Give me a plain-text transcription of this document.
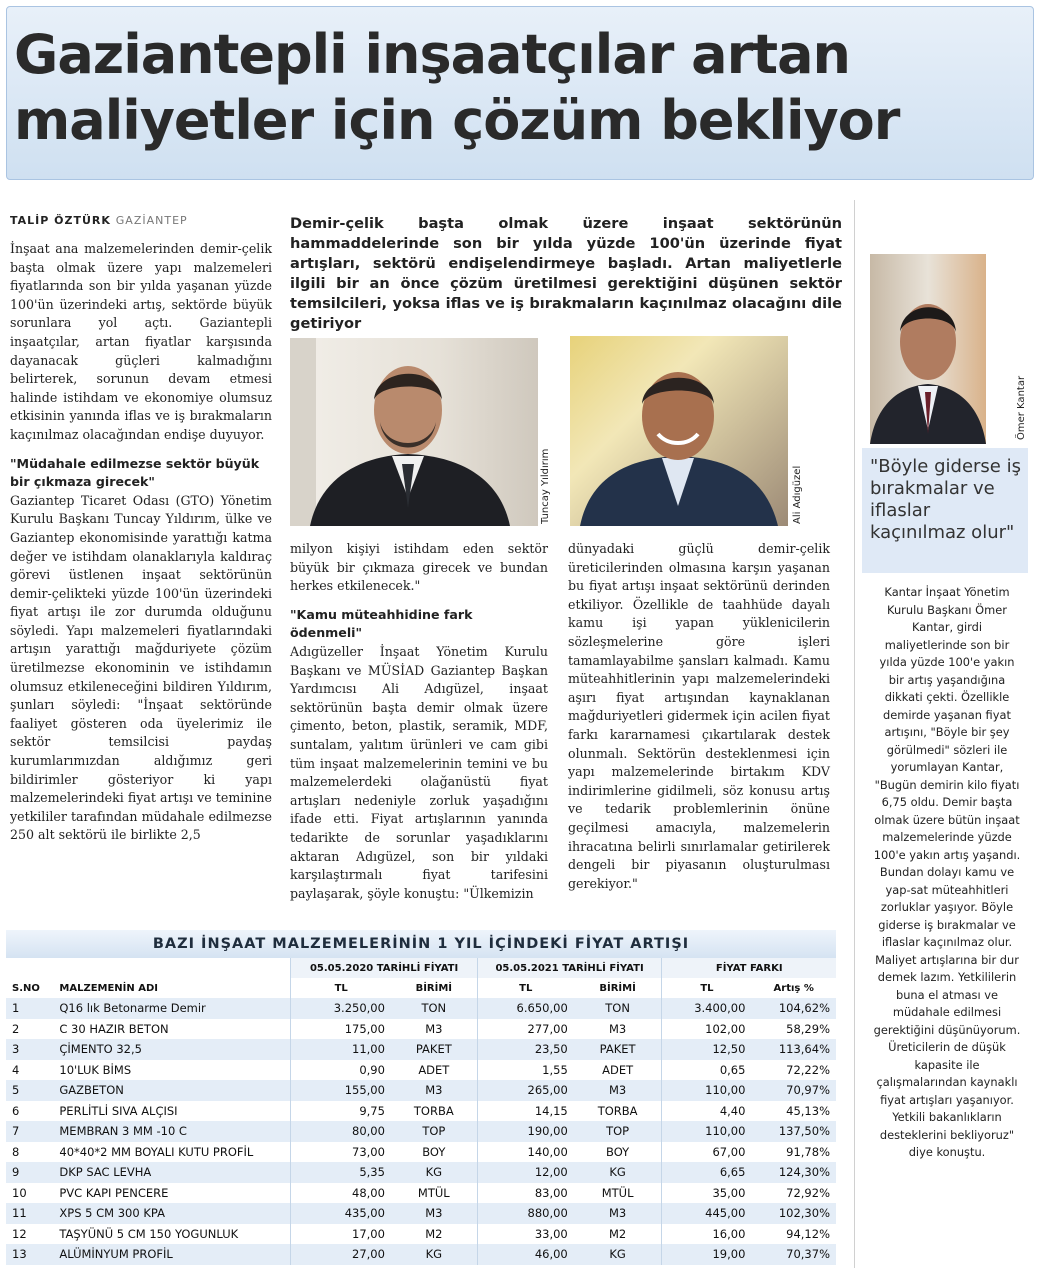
Gaziantepli inşaatçılar artan maliyetler için çözüm bekliyor
TALİP ÖZTÜRK GAZİANTEP	Demir-çelik başta olmak üzere inşaat sektörünün hammaddelerinde son bir yılda yüzde 100'ün üzerinde fiyat artışları, sektörü endişelendirmeye başladı. Artan maliyetlerle ilgili bir an önce çözüm üretilmesi gerektiğini düşünen sektör temsilcileri, yoksa iflas ve iş bırakmaların kaçınılmaz olacağını dile getiriyor

İnşaat ana malzemelerinden demir-çelik başta olmak üzere yapı malzemeleri fiyatlarında son bir yılda yaşanan yüzde 100'ün üzerindeki artış, sektörde büyük sorunlara yol açtı. Gaziantepli inşaatçılar, artan fiyatlar karşısında dayanacak güçleri kalmadığını belirterek, sorunun devam etmesi halinde istihdam ve ekonomiye olumsuz etkisinin yanında iflas ve iş bırakmaların kaçınılmaz olacağından endişe duyuyor.

"Müdahale edilmezse sektör büyük bir çıkmaza girecek"

Gaziantep Ticaret Odası (GTO) Yönetim Kurulu Başkanı Tuncay Yıldırım, ülke ve Gaziantep ekonomisinde yarattığı katma değer ve istihdam olanaklarıyla kaldıraç görevi üstlenen inşaat sektörünün demir-çelikteki yüzde 100'ün üzerindeki fiyat artışı ile zor durumda olduğunu söyledi. Yapı malzemeleri fiyatlarındaki artışın yarattığı mağduriyete çözüm üretilmezse ekonominin ve istihdamın olumsuz etkileneceğini bildiren Yıldırım, şunları söyledi: "İnşaat sektöründe faaliyet gösteren oda üyelerimiz ile sektör temsilcisi paydaş kurumlarımızdan aldığımız geri bildirimler gösteriyor ki yapı malzemelerindeki fiyat artışı ve teminine yetkililer tarafından müdahale edilmezse 250 alt sektörü ile birlikte 2,5

Tuncay Yıldırım	Ali Adıgüzel

milyon kişiyi istihdam eden sektör büyük bir çıkmaza girecek ve bundan herkes etkilenecek."

"Kamu müteahhidine fark ödenmeli"

Adıgüzeller İnşaat Yönetim Kurulu Başkanı ve MÜSİAD Gaziantep Başkan Yardımcısı Ali Adıgüzel, inşaat sektörünün başta demir olmak üzere çimento, beton, plastik, seramik, MDF, suntalam, yalıtım ürünleri ve cam gibi tüm inşaat malzemelerinin temini ve bu malzemelerdeki olağanüstü fiyat artışları nedeniyle zorluk yaşadığını ifade etti. Fiyat artışlarının yanında tedarikte de sorunlar yaşadıklarını aktaran Adıgüzel, son bir yıldaki karşılaştırmalı fiyat tarifesini paylaşarak, şöyle konuştu: "Ülkemizin

dünyadaki güçlü demir-çelik üreticilerinden olmasına karşın yaşanan bu fiyat artışı inşaat sektörünü derinden etkiliyor. Özellikle de taahhüde dayalı kamu işi yapan yüklenicilerin sözleşmelerine göre işleri tamamlayabilme şansları kalmadı. Kamu müteahhitlerinin yapı malzemelerindeki aşırı fiyat artışından kaynaklanan mağduriyetleri gidermek için acilen fiyat farkı kararnamesi çıkartılarak destek olunmalı. Sektörün desteklenmesi için yapı malzemelerinde birtakım KDV indirimlerine gidilmeli, söz konusu artış ve tedarik problemlerinin önüne geçilmesi amacıyla, malzemelerin ihracatına belirli sınırlamalar getirilerek dengeli bir piyasanın oluşturulması gerekiyor."

Ömer Kantar

"Böyle giderse iş bırakmalar ve iflaslar kaçınılmaz olur"

Kantar İnşaat Yönetim Kurulu Başkanı Ömer Kantar, girdi maliyetlerinde son bir yılda yüzde 100'e yakın bir artış yaşandığına dikkati çekti. Özellikle demirde yaşanan fiyat artışını, "Böyle bir şey görülmedi" sözleri ile yorumlayan Kantar, "Bugün demirin kilo fiyatı 6,75 oldu. Demir başta olmak üzere bütün inşaat malzemelerinde yüzde 100'e yakın artış yaşandı. Bundan dolayı kamu ve yap-sat müteahhitleri zorluklar yaşıyor. Böyle giderse iş bırakmalar ve iflaslar kaçınılmaz olur. Maliyet artışlarına bir dur demek lazım. Yetkililerin buna el atması ve müdahale edilmesi gerektiğini düşünüyorum. Üreticilerin de düşük kapasite ile çalışmalarından kaynaklı fiyat artışları yaşanıyor. Yetkili bakanlıkların desteklerini bekliyoruz" diye konuştu.

BAZI İNŞAAT MALZEMELERİNİN 1 YIL İÇİNDEKİ FİYAT ARTIŞI
		05.05.2020 TARİHLİ FİYATI		05.05.2021 TARİHLİ FİYATI		FİYAT FARKI	
S.NO	MALZEMENİN ADI	TL	BİRİMİ	TL	BİRİMİ	TL	Artış %
1	Q16 lık Betonarme Demir	3.250,00	TON	6.650,00	TON	3.400,00	104,62%
2	C 30 HAZIR BETON	175,00	M3	277,00	M3	102,00	58,29%
3	ÇİMENTO 32,5	11,00	PAKET	23,50	PAKET	12,50	113,64%
4	10'LUK BİMS	0,90	ADET	1,55	ADET	0,65	72,22%
5	GAZBETON	155,00	M3	265,00	M3	110,00	70,97%
6	PERLİTLİ SIVA ALÇISI	9,75	TORBA	14,15	TORBA	4,40	45,13%
7	MEMBRAN 3 MM -10 C	80,00	TOP	190,00	TOP	110,00	137,50%
8	40*40*2 MM BOYALI KUTU PROFİL	73,00	BOY	140,00	BOY	67,00	91,78%
9	DKP SAC LEVHA	5,35	KG	12,00	KG	6,65	124,30%
10	PVC KAPI PENCERE	48,00	MTÜL	83,00	MTÜL	35,00	72,92%
11	XPS 5 CM 300 KPA	435,00	M3	880,00	M3	445,00	102,30%
12	TAŞYÜNÜ 5 CM 150 YOGUNLUK	17,00	M2	33,00	M2	16,00	94,12%
13	ALÜMİNYUM PROFİL	27,00	KG	46,00	KG	19,00	70,37%
